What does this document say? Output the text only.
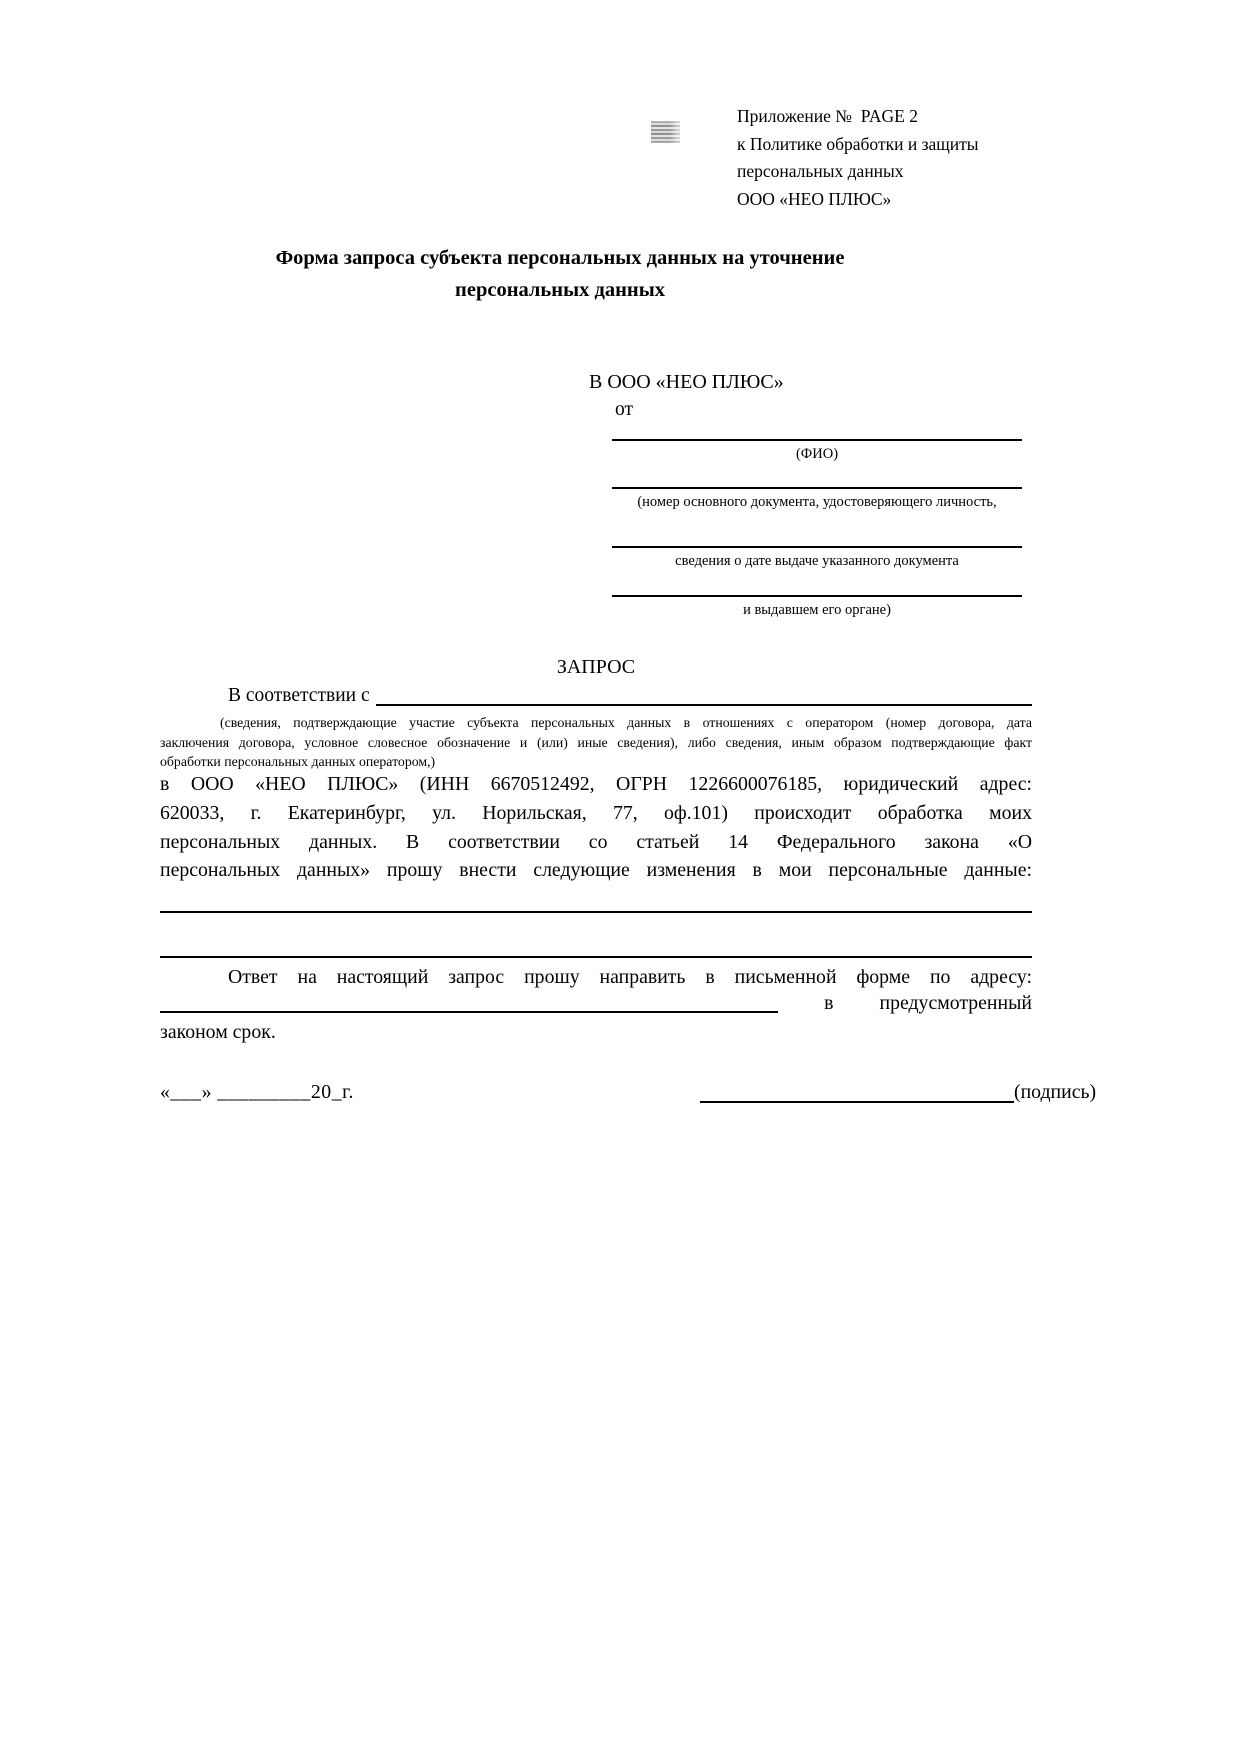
Приложение №  PAGE 2
к Политике обработки и защиты
персональных данных
ООО «НЕО ПЛЮС»
Форма запроса субъекта персональных данных на уточнение
персональных данных
В ООО «НЕО ПЛЮС»
от
(ФИО)
(номер основного документа, удостоверяющего личность,
сведения о дате выдаче указанного документа
и выдавшем его органе)
ЗАПРОС
В соответствии с
(сведения, подтверждающие участие субъекта персональных данных в отношениях с оператором (номер договора, дата
заключения договора, условное словесное обозначение и (или) иные сведения), либо сведения, иным образом подтверждающие факт
обработки персональных данных оператором,)
в ООО «НЕО ПЛЮС» (ИНН 6670512492, ОГРН 1226600076185, юридический адрес:
620033, г. Екатеринбург, ул. Норильская, 77, оф.101) происходит обработка моих
персональных данных. В соответствии со статьей 14 Федерального закона «О
персональных данных» прошу внести следующие изменения в мои персональные данные:
Ответ на настоящий запрос прошу направить в письменной форме по адресу:
в предусмотренный
законом срок.
«___» _________20_г.	(подпись)
